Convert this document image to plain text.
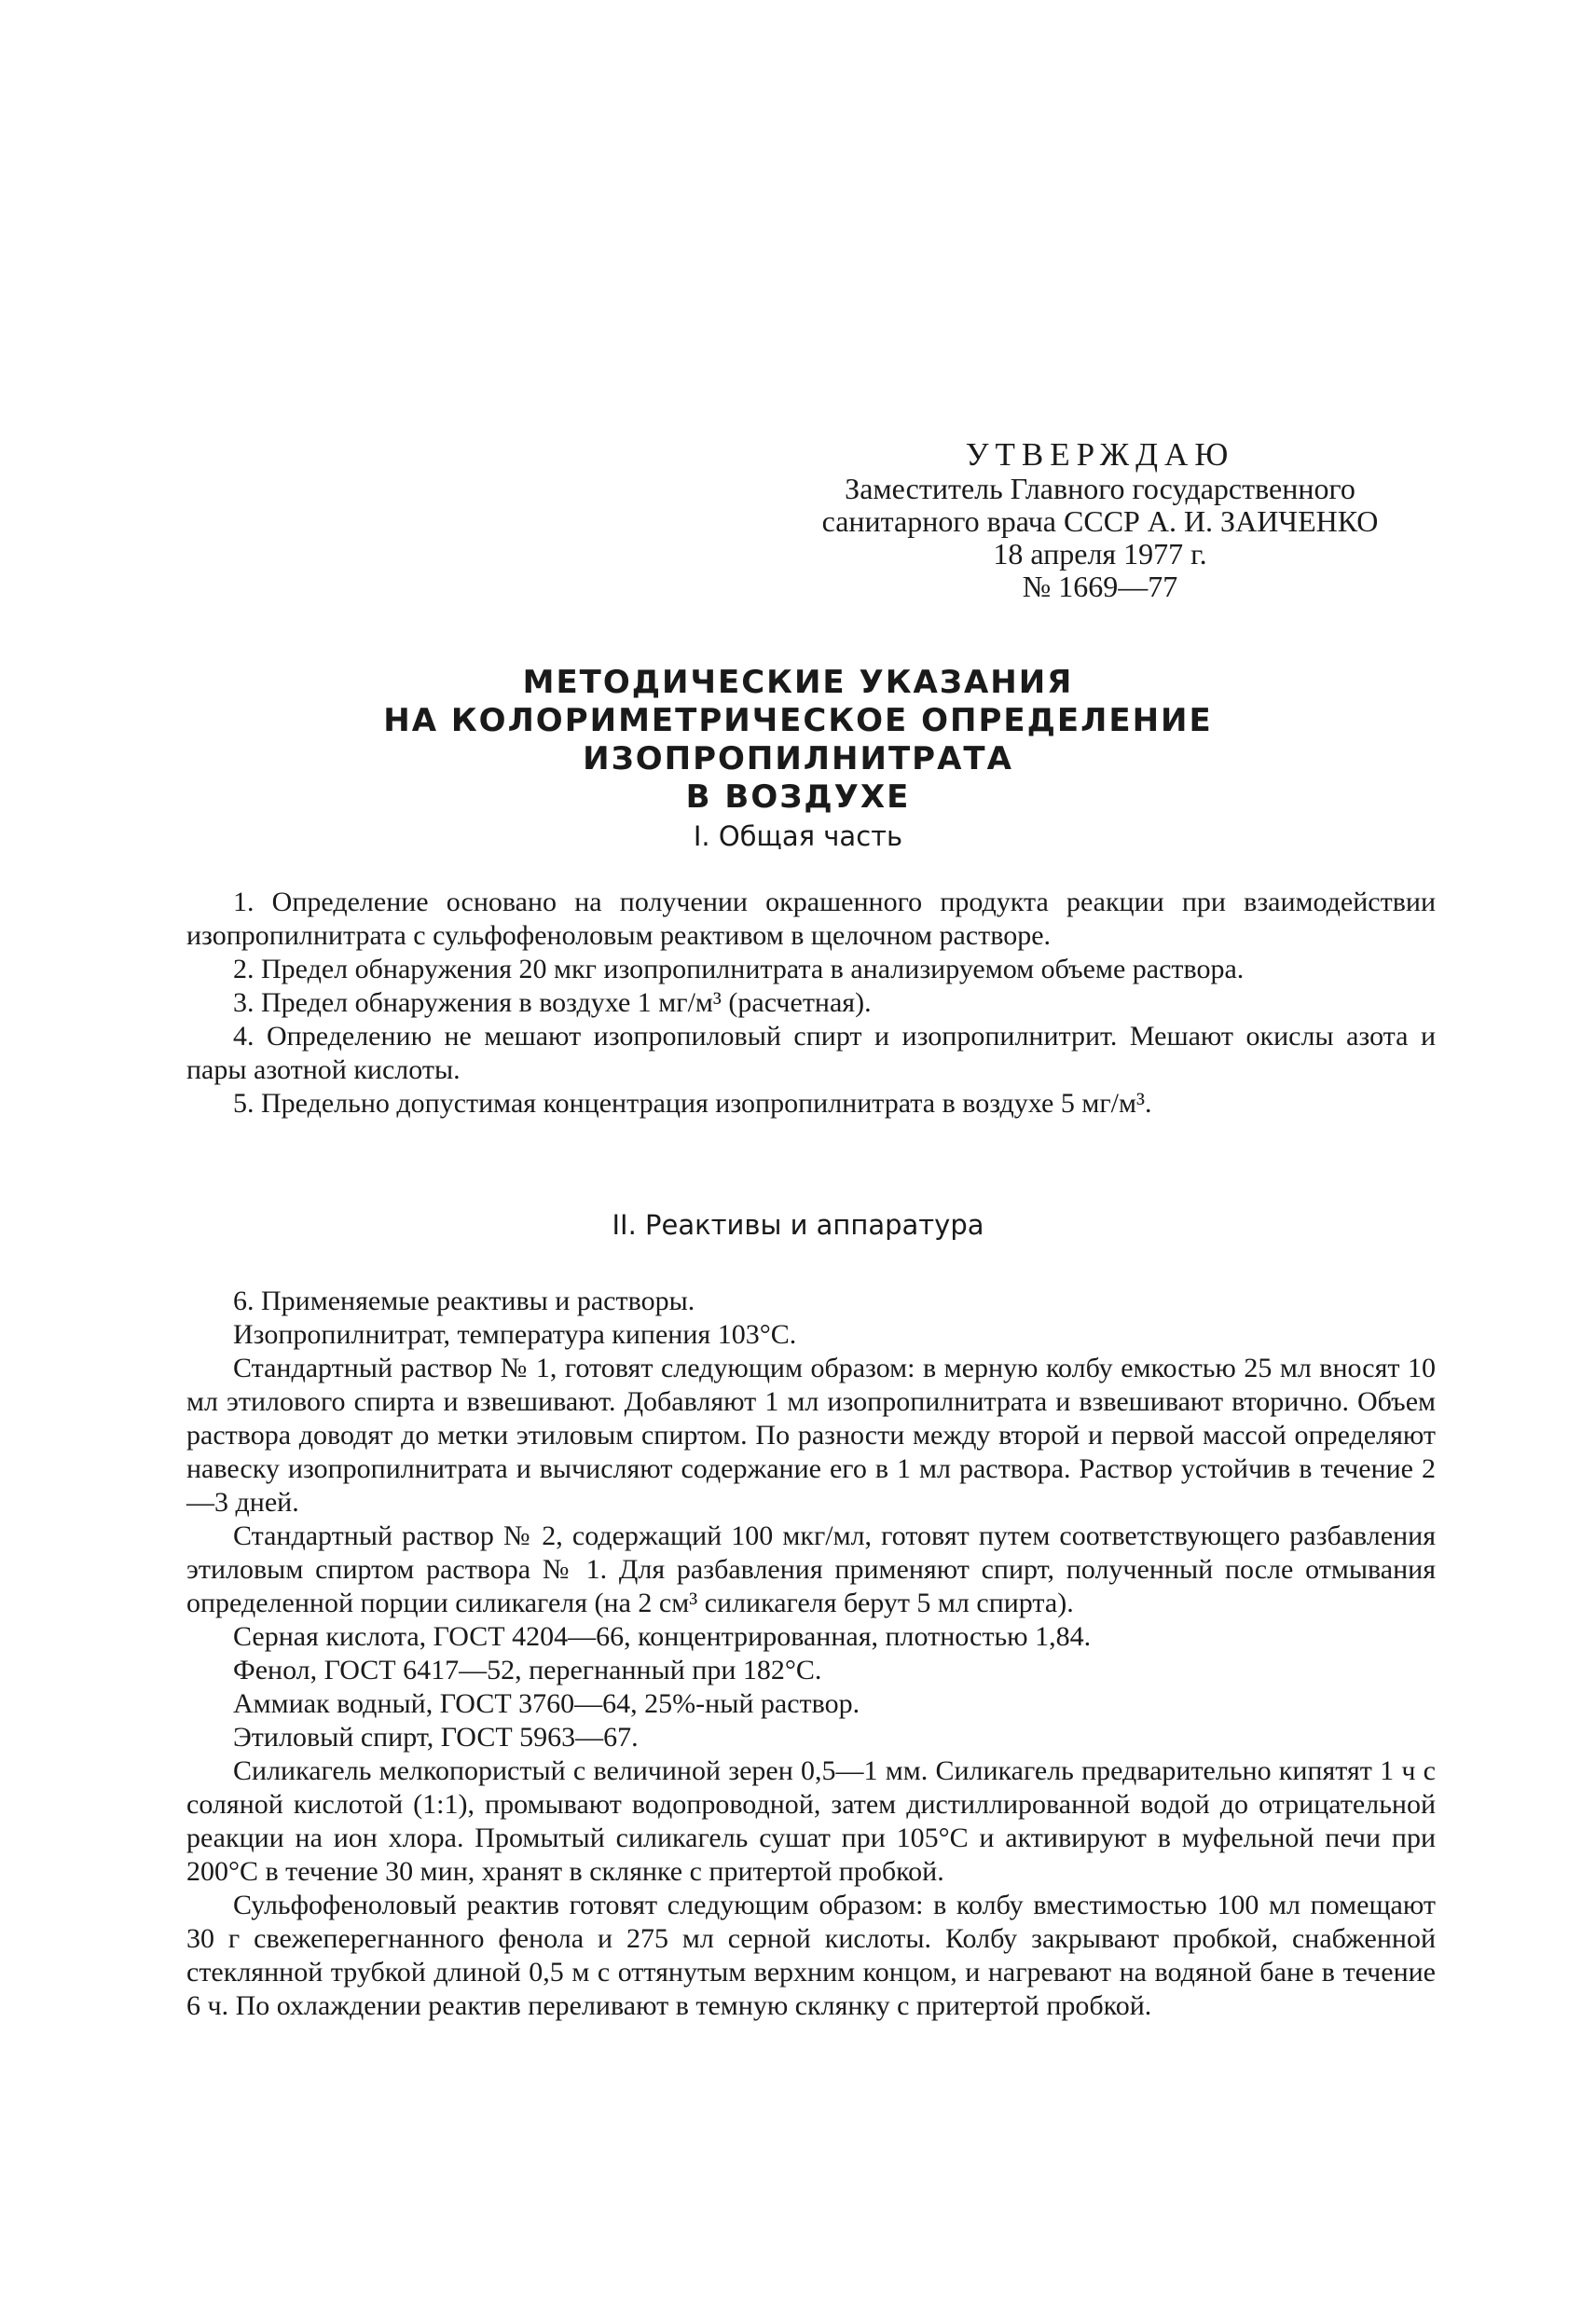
УТВЕРЖДАЮ
Заместитель Главного государственного
санитарного врача СССР А. И. ЗАИЧЕНКО
18 апреля 1977 г.
№ 1669—77
МЕТОДИЧЕСКИЕ УКАЗАНИЯ
НА КОЛОРИМЕТРИЧЕСКОЕ ОПРЕДЕЛЕНИЕ ИЗОПРОПИЛНИТРАТА
В ВОЗДУХЕ
I. Общая часть

1. Определение основано на получении окрашенного продукта реакции при взаимодействии изопропилнитрата с сульфофеноловым реактивом в щелочном растворе.

2. Предел обнаружения 20 мкг изопропилнитрата в анализируемом объеме раствора.

3. Предел обнаружения в воздухе 1 мг/м³ (расчетная).

4. Определению не мешают изопропиловый спирт и изопропилнитрит. Мешают окислы азота и пары азотной кислоты.

5. Предельно допустимая концентрация изопропилнитрата в воздухе 5 мг/м³.

II. Реактивы и аппаратура

6. Применяемые реактивы и растворы.

Изопропилнитрат, температура кипения 103°С.

Стандартный раствор № 1, готовят следующим образом: в мерную колбу емкостью 25 мл вносят 10 мл этилового спирта и взвешивают. Добавляют 1 мл изопропилнитрата и взвешивают вторично. Объем раствора доводят до метки этиловым спиртом. По разности между второй и первой массой определяют навеску изопропилнитрата и вычисляют содержание его в 1 мл раствора. Раствор устойчив в течение 2—3 дней.

Стандартный раствор № 2, содержащий 100 мкг/мл, готовят путем соответствующего разбавления этиловым спиртом раствора № 1. Для разбавления применяют спирт, полученный после отмывания определенной порции силикагеля (на 2 см³ силикагеля берут 5 мл спирта).

Серная кислота, ГОСТ 4204—66, концентрированная, плотностью 1,84.

Фенол, ГОСТ 6417—52, перегнанный при 182°С.

Аммиак водный, ГОСТ 3760—64, 25%-ный раствор.

Этиловый спирт, ГОСТ 5963—67.

Силикагель мелкопористый с величиной зерен 0,5—1 мм. Силикагель предварительно кипятят 1 ч с соляной кислотой (1:1), промывают водопроводной, затем дистиллированной водой до отрицательной реакции на ион хлора. Промытый силикагель сушат при 105°С и активируют в муфельной печи при 200°С в течение 30 мин, хранят в склянке с притертой пробкой.

Сульфофеноловый реактив готовят следующим образом: в колбу вместимостью 100 мл помещают 30 г свежеперегнанного фенола и 275 мл серной кислоты. Колбу закрывают пробкой, снабженной стеклянной трубкой длиной 0,5 м с оттянутым верхним концом, и нагревают на водяной бане в течение 6 ч. По охлаждении реактив переливают в темную склянку с притертой пробкой.
